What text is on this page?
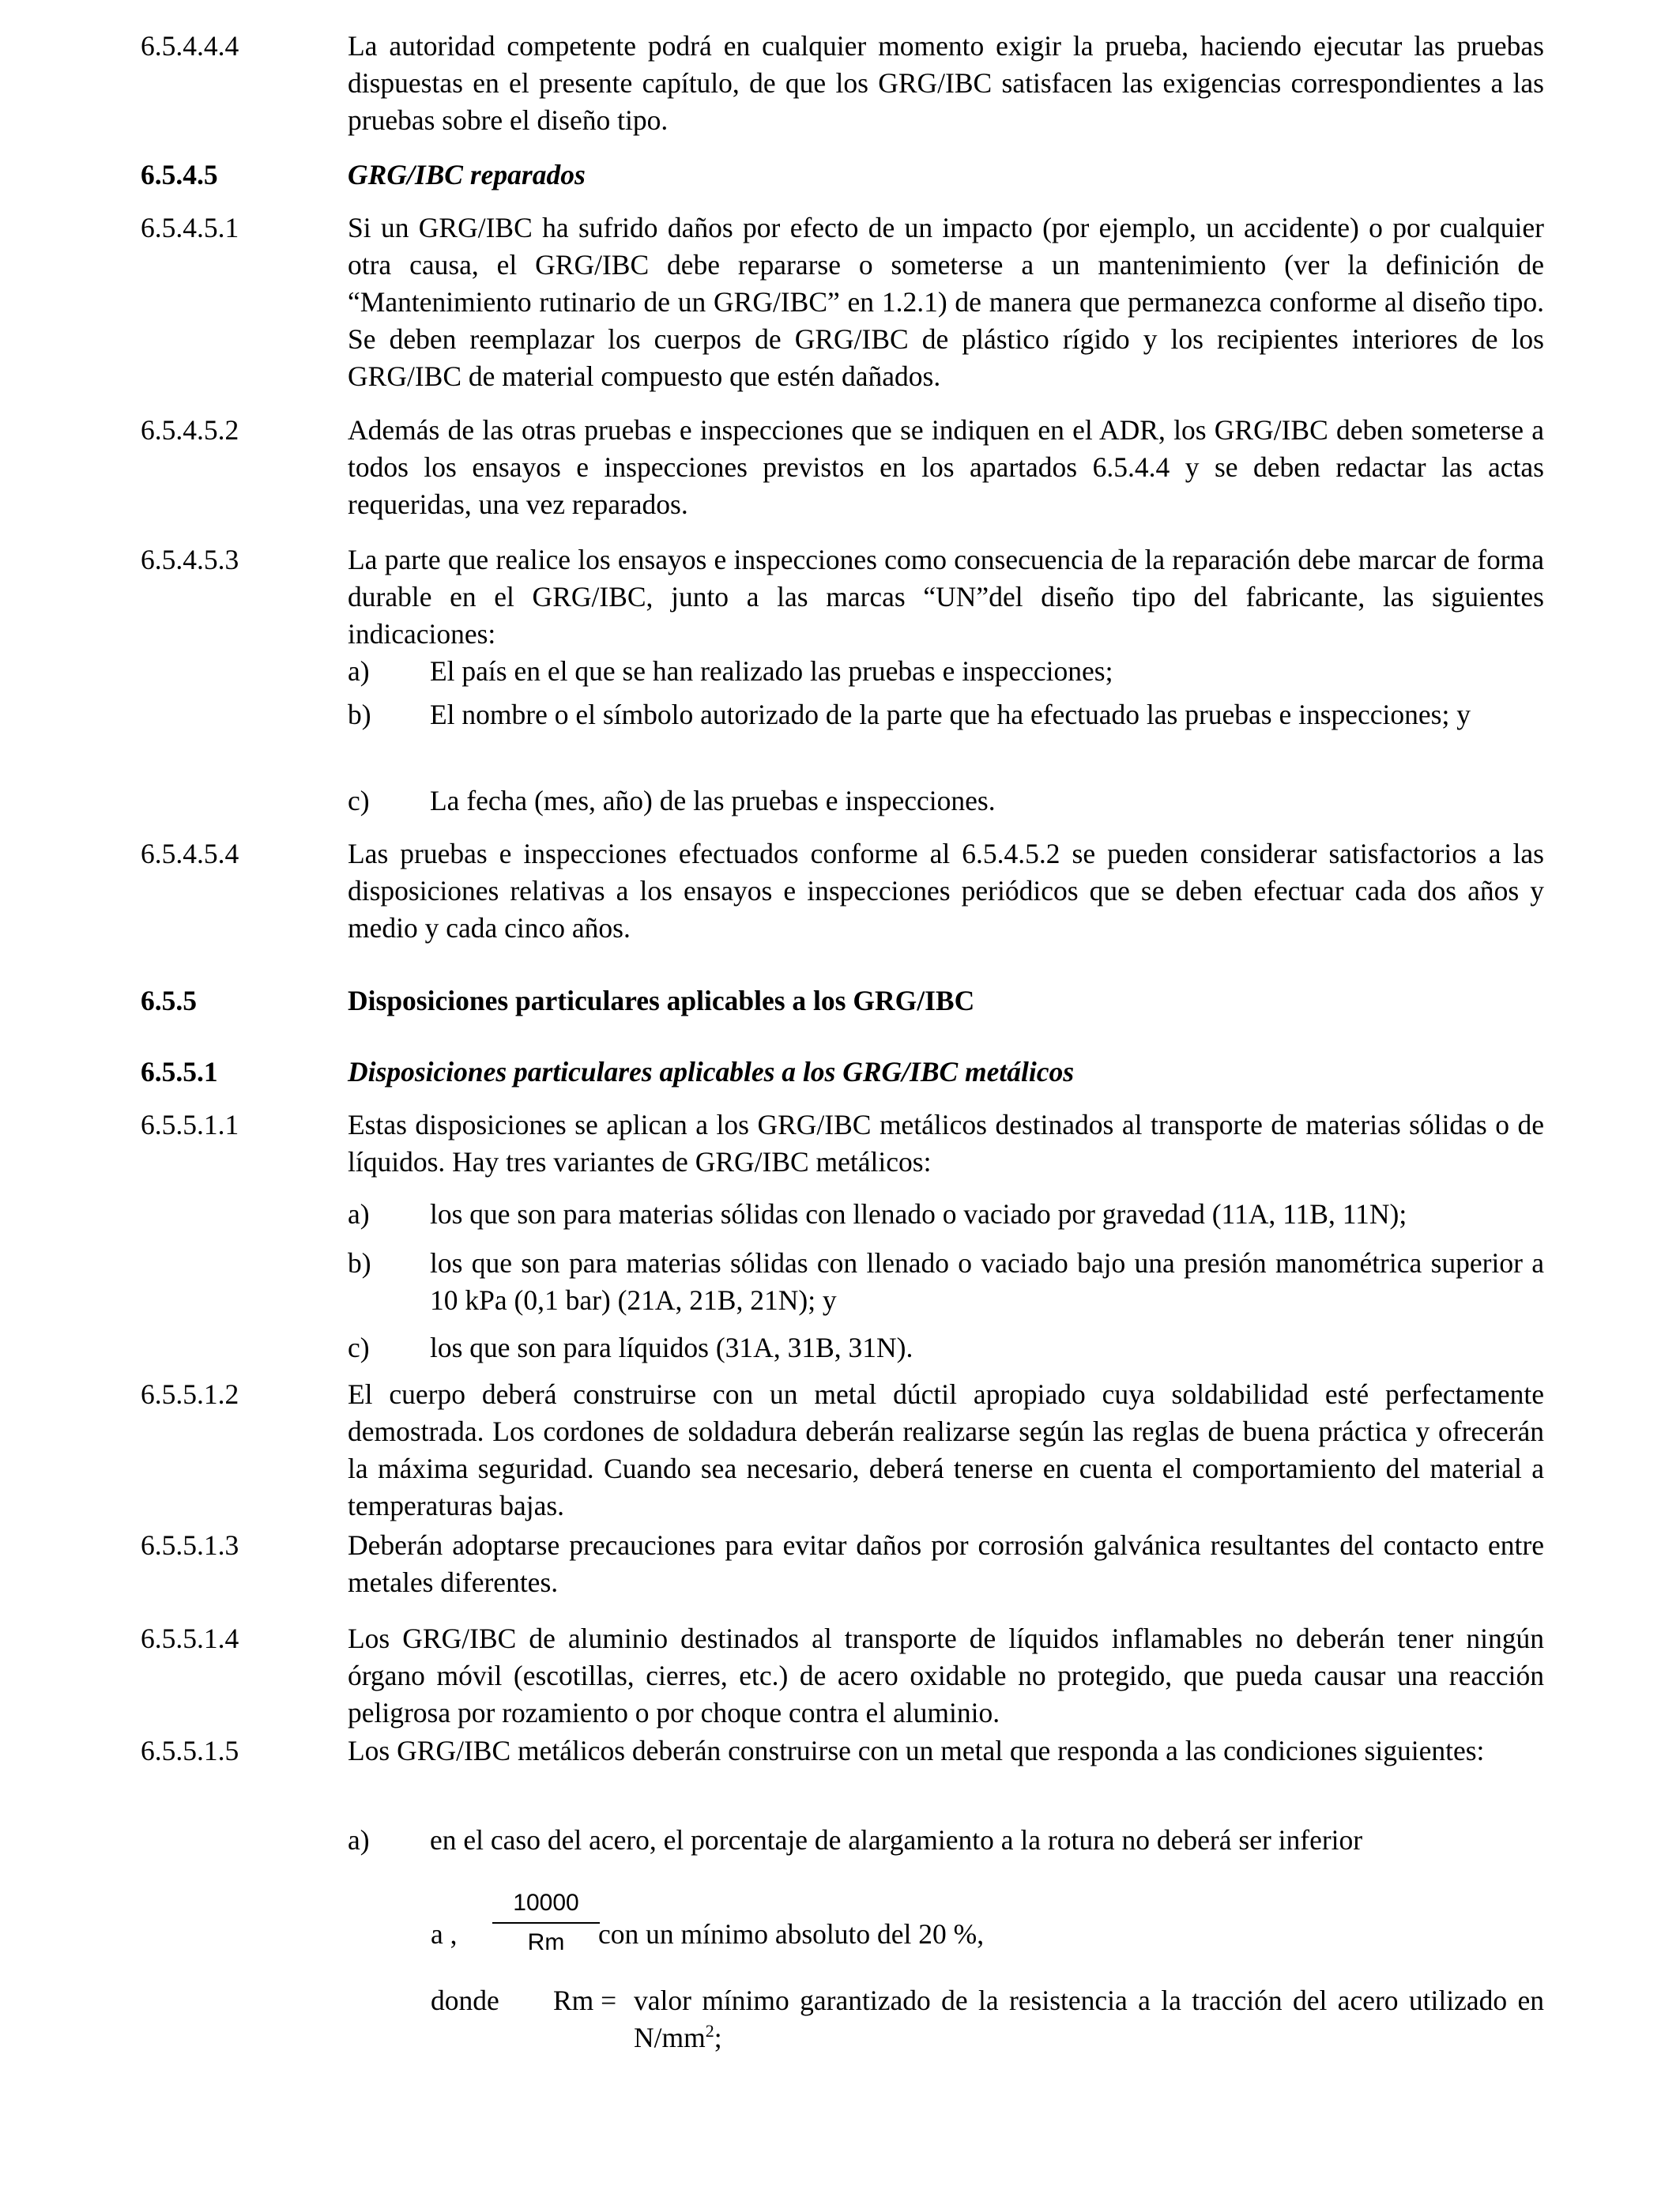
6.5.4.4.4	La autoridad competente podrá en cualquier momento exigir la prueba, haciendo ejecutar las pruebas dispuestas en el presente capítulo, de que los GRG/IBC satisfacen las exigencias correspondientes a las pruebas sobre el diseño tipo.
6.5.4.5	GRG/IBC reparados
6.5.4.5.1	Si un GRG/IBC ha sufrido daños por efecto de un impacto (por ejemplo, un accidente) o por cualquier otra causa, el GRG/IBC debe repararse o someterse a un mantenimiento (ver la definición de “Mantenimiento rutinario de un GRG/IBC” en 1.2.1) de manera que permanezca conforme al diseño tipo. Se deben reemplazar los cuerpos de GRG/IBC de plástico rígido y los recipientes interiores de los GRG/IBC de material compuesto que estén dañados.
6.5.4.5.2	Además de las otras pruebas e inspecciones que se indiquen en el ADR, los GRG/IBC deben someterse a todos los ensayos e inspecciones previstos en los apartados 6.5.4.4 y se deben redactar las actas requeridas, una vez reparados.
6.5.4.5.3	La parte que realice los ensayos e inspecciones como consecuencia de la reparación debe marcar de forma durable en el GRG/IBC, junto a las marcas “UN”del diseño tipo del fabricante, las siguientes indicaciones:
a) El país en el que se han realizado las pruebas e inspecciones;
b) El nombre o el símbolo autorizado de la parte que ha efectuado las pruebas e inspecciones; y
c) La fecha (mes, año) de las pruebas e inspecciones.
6.5.4.5.4	Las pruebas e inspecciones efectuados conforme al 6.5.4.5.2 se pueden considerar satisfactorios a las disposiciones relativas a los ensayos e inspecciones periódicos que se deben efectuar cada dos años y medio y cada cinco años.
6.5.5	Disposiciones particulares aplicables a los GRG/IBC
6.5.5.1	Disposiciones particulares aplicables a los GRG/IBC metálicos
6.5.5.1.1	Estas disposiciones se aplican a los GRG/IBC metálicos destinados al transporte de materias sólidas o de líquidos. Hay tres variantes de GRG/IBC metálicos:
a) los que son para materias sólidas con llenado o vaciado por gravedad (11A, 11B, 11N);
b) los que son para materias sólidas con llenado o vaciado bajo una presión manométrica superior a 10 kPa (0,1 bar) (21A, 21B, 21N); y
c) los que son para líquidos (31A, 31B, 31N).
6.5.5.1.2	El cuerpo deberá construirse con un metal dúctil apropiado cuya soldabilidad esté perfectamente demostrada. Los cordones de soldadura deberán realizarse según las reglas de buena práctica y ofrecerán la máxima seguridad. Cuando sea necesario, deberá tenerse en cuenta el comportamiento del material a temperaturas bajas.
6.5.5.1.3	Deberán adoptarse precauciones para evitar daños por corrosión galvánica resultantes del contacto entre metales diferentes.
6.5.5.1.4	Los GRG/IBC de aluminio destinados al transporte de líquidos inflamables no deberán tener ningún órgano móvil (escotillas, cierres, etc.) de acero oxidable no protegido, que pueda causar una reacción peligrosa por rozamiento o por choque contra el aluminio.
6.5.5.1.5	Los GRG/IBC metálicos deberán construirse con un metal que responda a las condiciones siguientes:
a) en el caso del acero, el porcentaje de alargamiento a la rotura no deberá ser inferior
a ,
10000
Rm	con un mínimo absoluto del 20 %,
donde Rm = valor mínimo garantizado de la resistencia a la tracción del acero utilizado en $N/mm^2$;
